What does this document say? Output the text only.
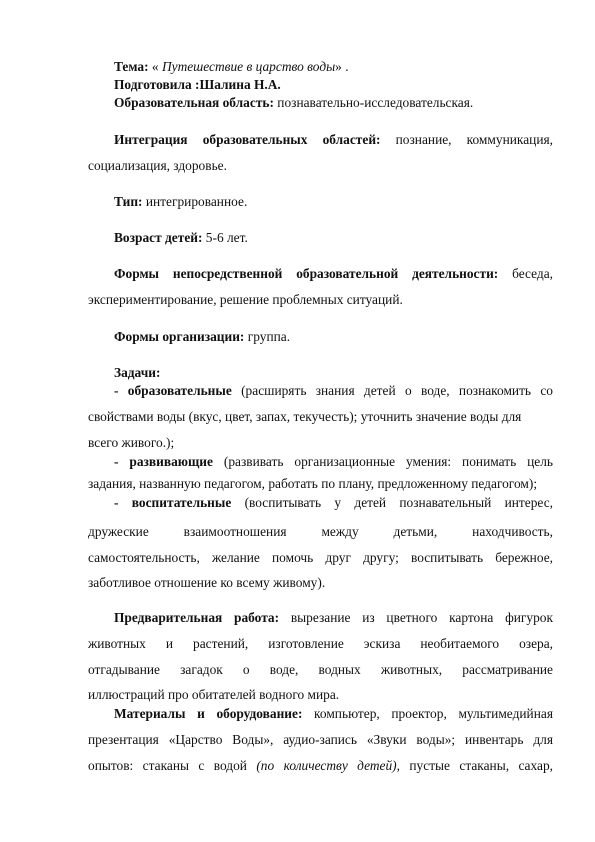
Тема: « Путешествие в царство воды» .
Подготовила :Шалина Н.А.
Образовательная область: познавательно-исследовательская.
Интеграция образовательных областей: познание, коммуникация,
социализация, здоровье.
Тип: интегрированное.
Возраст детей: 5-6 лет.
Формы непосредственной образовательной деятельности: беседа,
экспериментирование, решение проблемных ситуаций.
Формы организации: группа.
Задачи:
- образовательные (расширять знания детей о воде, познакомить со
свойствами воды (вкус, цвет, запах, текучесть); уточнить значение воды для
всего живого.);
- развивающие (развивать организационные умения: понимать цель
задания, названную педагогом, работать по плану, предложенному педагогом);
- воспитательные (воспитывать у детей познавательный интерес,
дружеские взаимоотношения между детьми, находчивость,
самостоятельность, желание помочь друг другу; воспитывать бережное,
заботливое отношение ко всему живому).
Предварительная работа: вырезание из цветного картона фигурок
животных и растений, изготовление эскиза необитаемого озера,
отгадывание загадок о воде, водных животных, рассматривание
иллюстраций про обитателей водного мира.
Материалы и оборудование: компьютер, проектор, мультимедийная
презентация «Царство Воды», аудио-запись «Звуки воды»; инвентарь для
опытов: стаканы с водой (по количеству детей), пустые стаканы, сахар,
